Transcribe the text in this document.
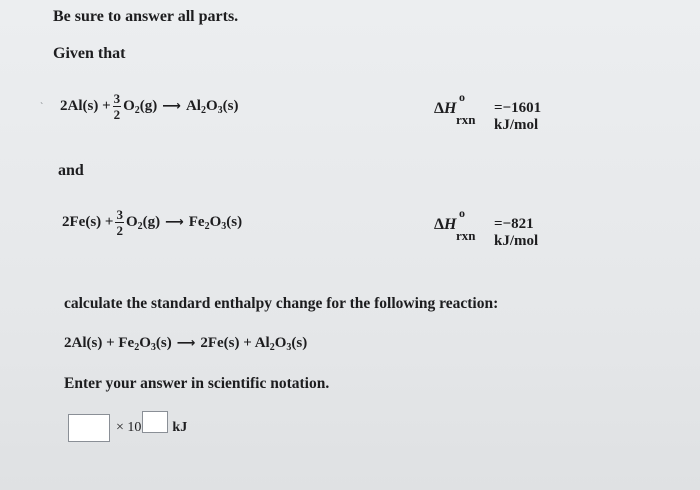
Be sure to answer all parts.
Given that
` $2Al(s) + \frac{3}{2} O_2(g)$ ⟶ $Al_2O_3(s)$	ΔH
o
rxn
=−1601 kJ/mol
and
$2Fe(s) + \frac{3}{2} O_2(g)$ ⟶ $Fe_2O_3(s)$	ΔH
o
rxn
=−821 kJ/mol
calculate the standard enthalpy change for the following reaction:
$2Al(s) + Fe_2O_3(s)$ ⟶ $2Fe(s) + Al_2O_3(s)$
Enter your answer in scientific notation.
× 10 kJ
